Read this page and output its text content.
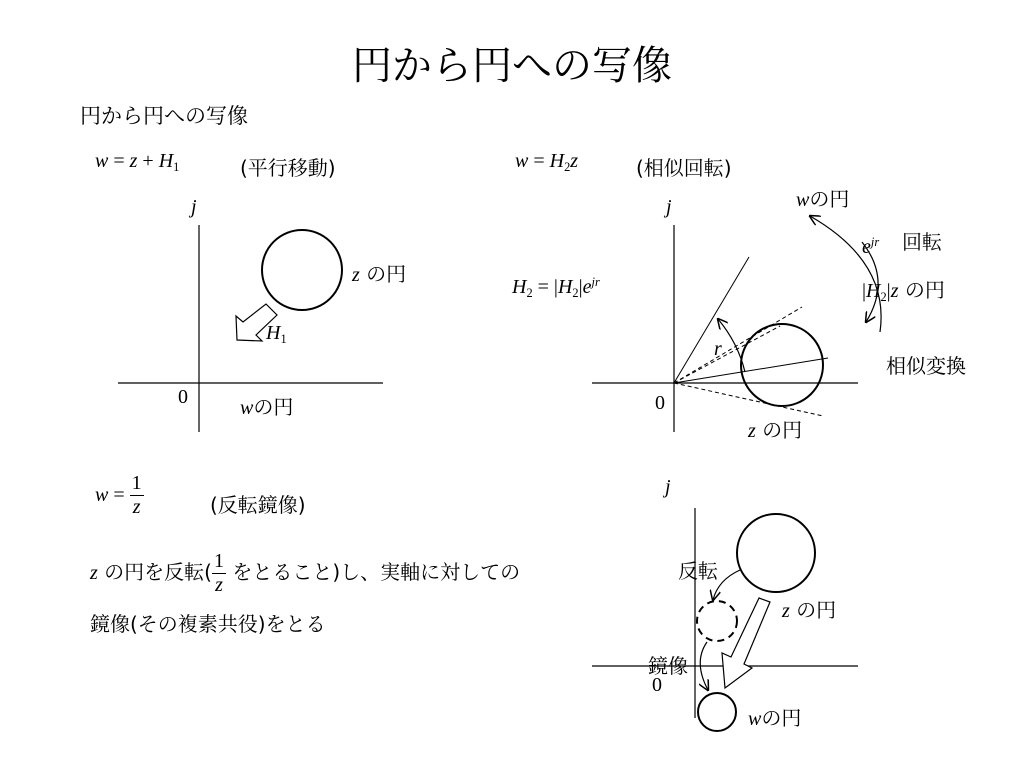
円から円への写像
円から円への写像
w = z + H1	(平行移動)
j
0
z の円
H1
wの円
w = H2z	(相似回転)
j
0
$H2 = |H2|e^{jr}$
r
wの円
$e^{jr}$ 回転
|H2|z の円
相似変換
z の円
$w = \frac{1}{z}$	(反転鏡像)
z の円を反転( $\frac{1}{z}$ をとること)し、実軸に対しての
鏡像(その複素共役)をとる
j
0
反転
鏡像
z の円
wの円
